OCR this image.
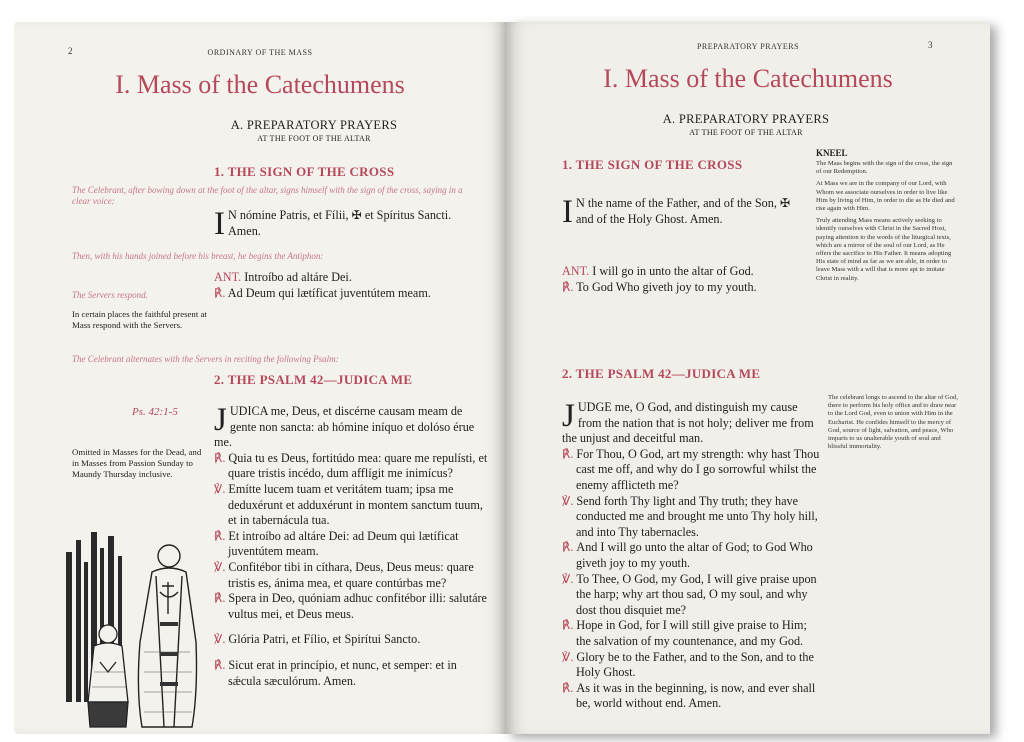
2	ORDINARY OF THE MASS
I. Mass of the Catechumens
A. PREPARATORY PRAYERS
AT THE FOOT OF THE ALTAR
1. THE SIGN OF THE CROSS
The Celebrant, after bowing down at the foot of the altar, signs himself with the sign of the cross, saying in a clear voice:
I N nómine Patris, et Fílii, ✠ et Spíritus Sancti. Amen.
Then, with his hands joined before his breast, he begins the Antiphon:

ANT. Introíbo ad altáre Dei.

℟. Ad Deum qui lætíficat juventútem meam.

The Servers respond.
In certain places the faithful present at Mass respond with the Servers.
The Celebrant alternates with the Servers in reciting the following Psalm:
2. THE PSALM 42—JUDICA ME
Ps. 42:1-5
Omitted in Masses for the Dead, and in Masses from Passion Sunday to Maundy Thursday inclusive.

JUDICA me, Deus, et discérne causam meam de gente non sancta: ab hómine iníquo et dolóso érue me.

℟. Quia tu es Deus, fortitúdo mea: quare me repulísti, et quare tristis incédo, dum afflígit me inimícus?

℣. Emítte lucem tuam et veritátem tuam; ipsa me deduxérunt et adduxérunt in montem sanctum tuum, et in tabernácula tua.

℟. Et introíbo ad altáre Dei: ad Deum qui lætíficat juventútem meam.

℣. Confitébor tibi in cíthara, Deus, Deus meus: quare tristis es, ánima mea, et quare contúrbas me?

℟. Spera in Deo, quóniam adhuc confitébor illi: salutáre vultus mei, et Deus meus.

℣. Glória Patri, et Fílio, et Spirítui Sancto.

℟. Sicut erat in princípio, et nunc, et semper: et in sǽcula sæculórum. Amen.

PREPARATORY PRAYERS	3
I. Mass of the Catechumens
A. PREPARATORY PRAYERS
AT THE FOOT OF THE ALTAR
1. THE SIGN OF THE CROSS
I N the name of the Father, and of the Son, ✠ and of the Holy Ghost. Amen.

ANT. I will go in unto the altar of God.

℟. To God Who giveth joy to my youth.

KNEEL

The Mass begins with the sign of the cross, the sign of our Redemption.

At Mass we are in the company of our Lord, with Whom we associate ourselves in order to live like Him by living of Him, in order to die as He died and rise again with Him.

Truly attending Mass means actively seeking to identify ourselves with Christ in the Sacred Host, paying attention to the words of the liturgical texts, which are a mirror of the soul of our Lord, as He offers the sacrifice to His Father. It means adopting His state of mind as far as we are able, in order to leave Mass with a will that is more apt to imitate Christ in reality.

2. THE PSALM 42—JUDICA ME

JUDGE me, O God, and distinguish my cause from the nation that is not holy; deliver me from the unjust and deceitful man.

℟. For Thou, O God, art my strength: why hast Thou cast me off, and why do I go sorrowful whilst the enemy afflicteth me?

℣. Send forth Thy light and Thy truth; they have conducted me and brought me unto Thy holy hill, and into Thy tabernacles.

℟. And I will go unto the altar of God; to God Who giveth joy to my youth.

℣. To Thee, O God, my God, I will give praise upon the harp; why art thou sad, O my soul, and why dost thou disquiet me?

℟. Hope in God, for I will still give praise to Him; the salvation of my countenance, and my God.

℣. Glory be to the Father, and to the Son, and to the Holy Ghost.

℟. As it was in the beginning, is now, and ever shall be, world without end. Amen.

The celebrant longs to ascend to the altar of God, there to perform his holy office and to draw near to the Lord God, even to union with Him in the Eucharist. He confides himself to the mercy of God, source of light, salvation, and peace, Who imparts to us unalterable youth of soul and blissful immortality.
